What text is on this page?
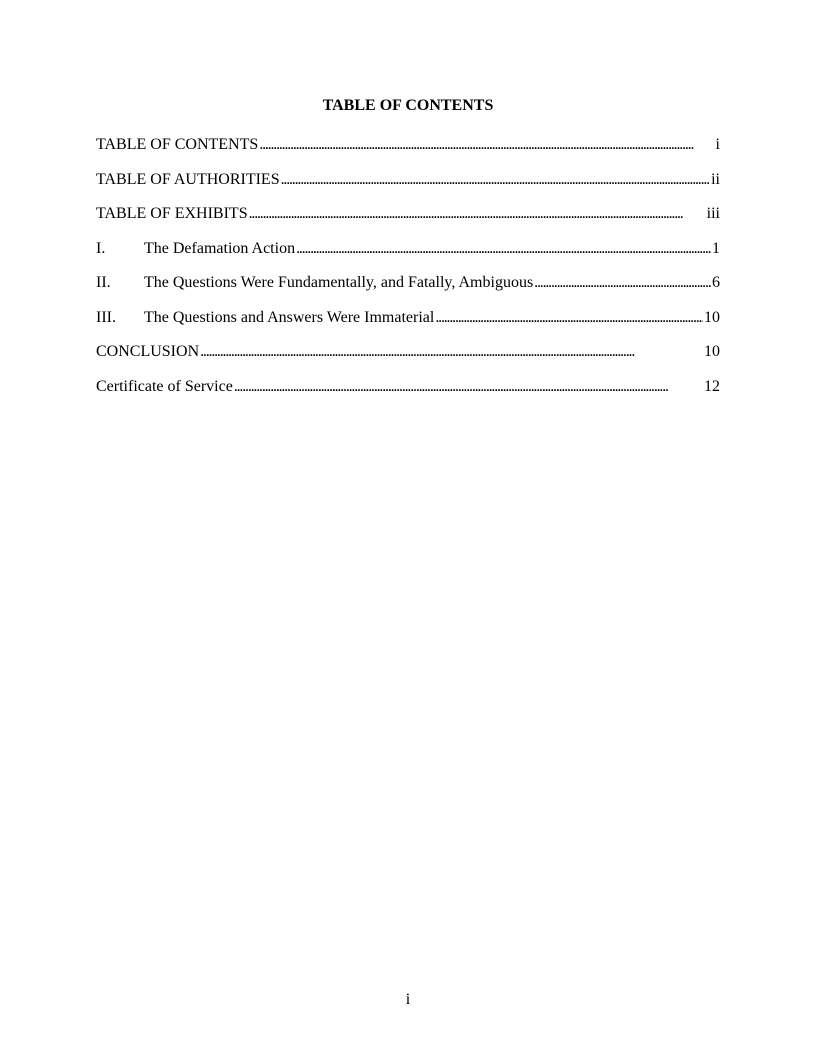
TABLE OF CONTENTS
TABLE OF CONTENTS . . .	i
TABLE OF AUTHORITIES . . .	ii
TABLE OF EXHIBITS . . .	iii
I.	The Defamation Action . . .	1
II.	The Questions Were Fundamentally, and Fatally, Ambiguous . . .	6
III.	The Questions and Answers Were Immaterial . . .	10
CONCLUSION . . .	10
Certificate of Service . . .	12
i
